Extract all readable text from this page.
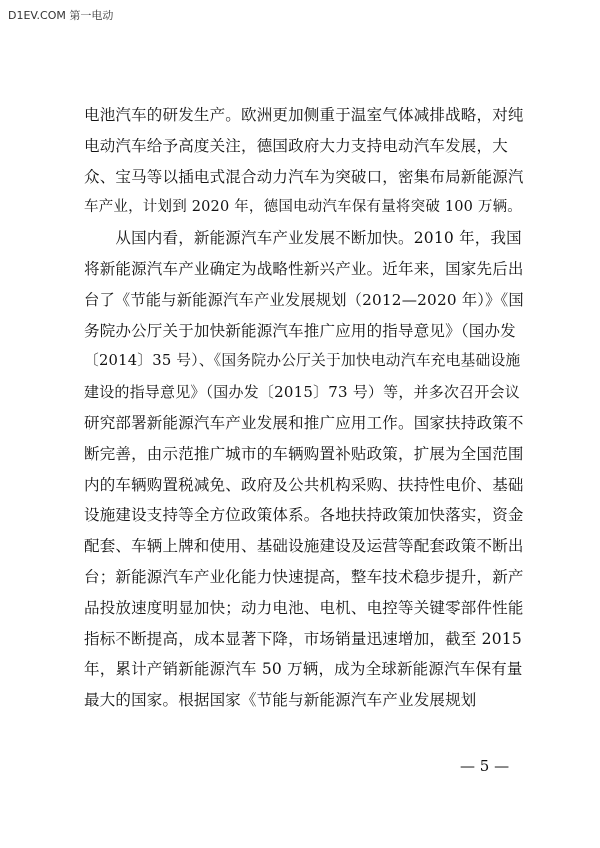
D1EV.COM 第一电动
电池汽车的研发生产。欧洲更加侧重于温室气体减排战略，对纯
电动汽车给予高度关注，德国政府大力支持电动汽车发展，大
众、宝马等以插电式混合动力汽车为突破口，密集布局新能源汽
车产业，计划到 2020 年，德国电动汽车保有量将突破 100 万辆。
　　从国内看，新能源汽车产业发展不断加快。2010 年，我国
将新能源汽车产业确定为战略性新兴产业。近年来，国家先后出
台了《节能与新能源汽车产业发展规划（2012—2020 年）》《国
务院办公厅关于加快新能源汽车推广应用的指导意见》（国办发
〔2014〕35 号）、《国务院办公厅关于加快电动汽车充电基础设施
建设的指导意见》（国办发〔2015〕73 号）等，并多次召开会议
研究部署新能源汽车产业发展和推广应用工作。国家扶持政策不
断完善，由示范推广城市的车辆购置补贴政策，扩展为全国范围
内的车辆购置税减免、政府及公共机构采购、扶持性电价、基础
设施建设支持等全方位政策体系。各地扶持政策加快落实，资金
配套、车辆上牌和使用、基础设施建设及运营等配套政策不断出
台；新能源汽车产业化能力快速提高，整车技术稳步提升，新产
品投放速度明显加快；动力电池、电机、电控等关键零部件性能
指标不断提高，成本显著下降，市场销量迅速增加，截至 2015
年，累计产销新能源汽车 50 万辆，成为全球新能源汽车保有量
最大的国家。根据国家《节能与新能源汽车产业发展规划
— 5 —
